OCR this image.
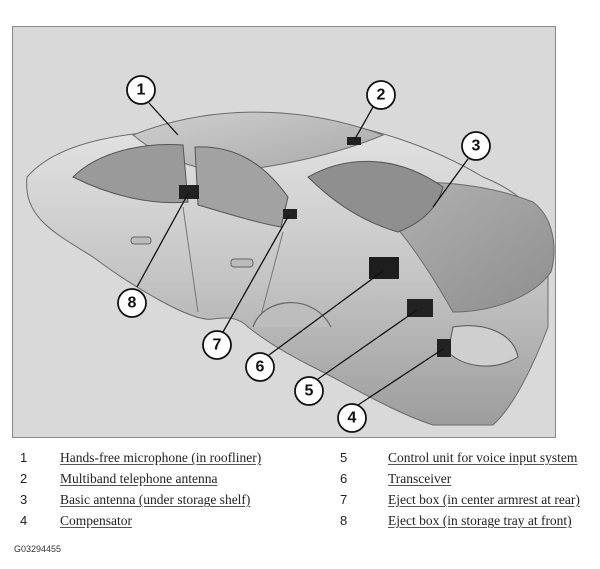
1	2
3
4
5
6
7
8
1	Hands-free microphone (in roofliner)
2	Multiband telephone antenna
3	Basic antenna (under storage shelf)
4	Compensator
5	Control unit for voice input system
6	Transceiver
7	Eject box (in center armrest at rear)
8	Eject box (in storage tray at front)
G03294455
